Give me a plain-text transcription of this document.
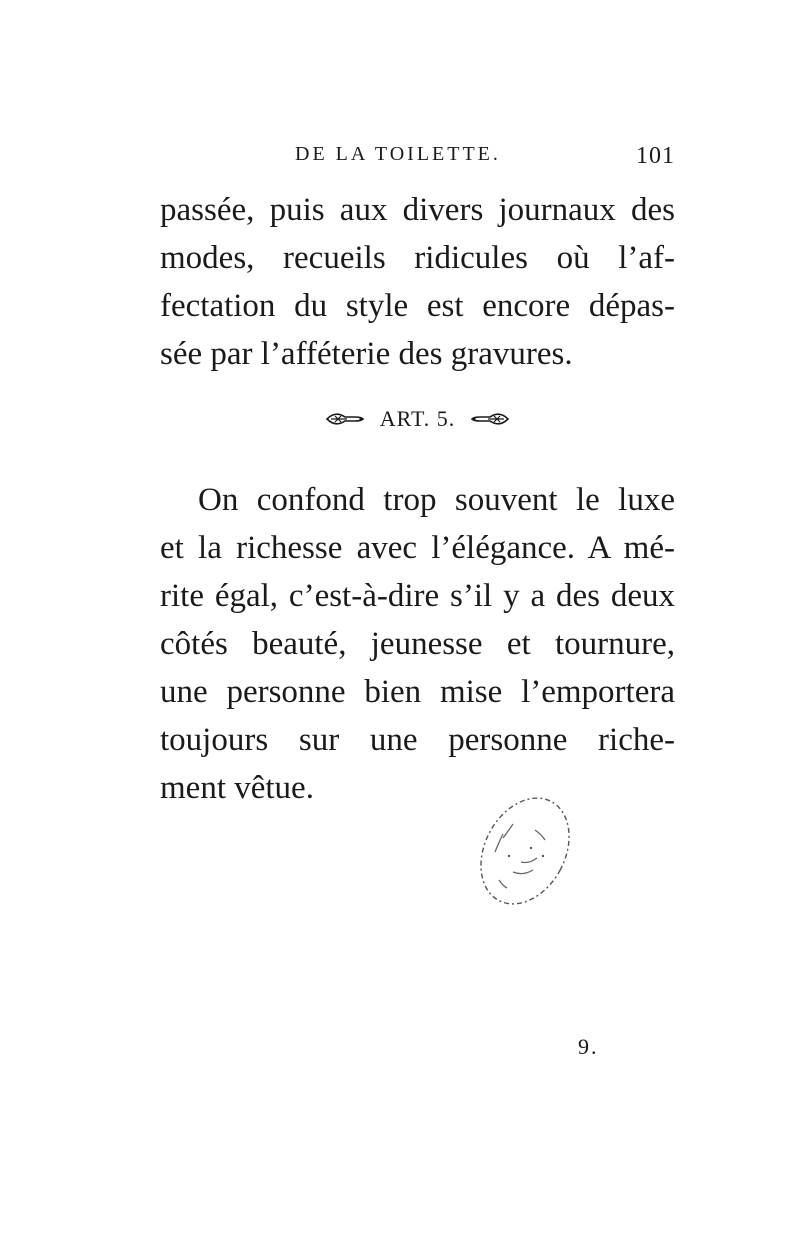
DE LA TOILETTE.	101
passée, puis aux divers journaux des
modes, recueils ridicules où l’af-
fectation du style est encore dépas-
sée par l’afféterie des gravures.
ART. 5.
On confond trop souvent le luxe
et la richesse avec l’élégance. A mé-
rite égal, c’est-à-dire s’il y a des deux
côtés beauté, jeunesse et tournure,
une personne bien mise l’emportera
toujours sur une personne riche-
ment vêtue.
9.
